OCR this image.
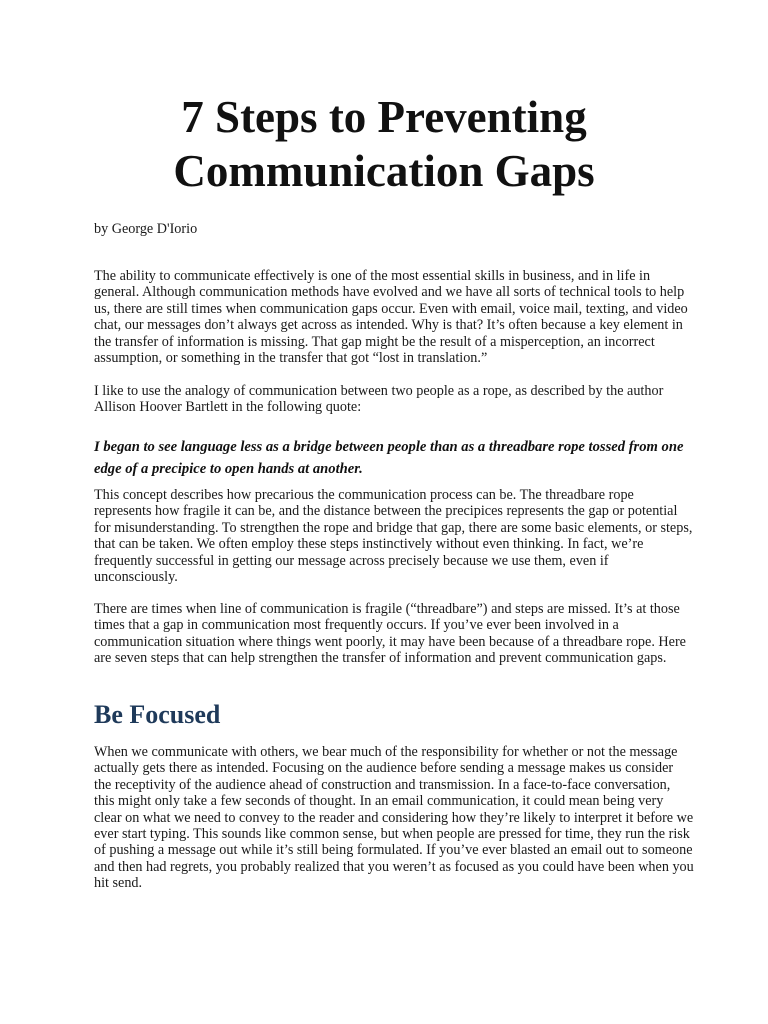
7 Steps to Preventing Communication Gaps

by George D'Iorio

The ability to communicate effectively is one of the most essential skills in business, and in life in general. Although communication methods have evolved and we have all sorts of technical tools to help us, there are still times when communication gaps occur. Even with email, voice mail, texting, and video chat, our messages don’t always get across as intended. Why is that? It’s often because a key element in the transfer of information is missing. That gap might be the result of a misperception, an incorrect assumption, or something in the transfer that got “lost in translation.”

I like to use the analogy of communication between two people as a rope, as described by the author Allison Hoover Bartlett in the following quote:

I began to see language less as a bridge between people than as a threadbare rope tossed from one edge of a precipice to open hands at another.

This concept describes how precarious the communication process can be. The threadbare rope represents how fragile it can be, and the distance between the precipices represents the gap or potential for misunderstanding. To strengthen the rope and bridge that gap, there are some basic elements, or steps, that can be taken. We often employ these steps instinctively without even thinking. In fact, we’re frequently successful in getting our message across precisely because we use them, even if unconsciously.

There are times when line of communication is fragile (“threadbare”) and steps are missed. It’s at those times that a gap in communication most frequently occurs. If you’ve ever been involved in a communication situation where things went poorly, it may have been because of a threadbare rope. Here are seven steps that can help strengthen the transfer of information and prevent communication gaps.

Be Focused

When we communicate with others, we bear much of the responsibility for whether or not the message actually gets there as intended. Focusing on the audience before sending a message makes us consider the receptivity of the audience ahead of construction and transmission. In a face-to-face conversation, this might only take a few seconds of thought. In an email communication, it could mean being very clear on what we need to convey to the reader and considering how they’re likely to interpret it before we ever start typing. This sounds like common sense, but when people are pressed for time, they run the risk of pushing a message out while it’s still being formulated. If you’ve ever blasted an email out to someone and then had regrets, you probably realized that you weren’t as focused as you could have been when you hit send.
